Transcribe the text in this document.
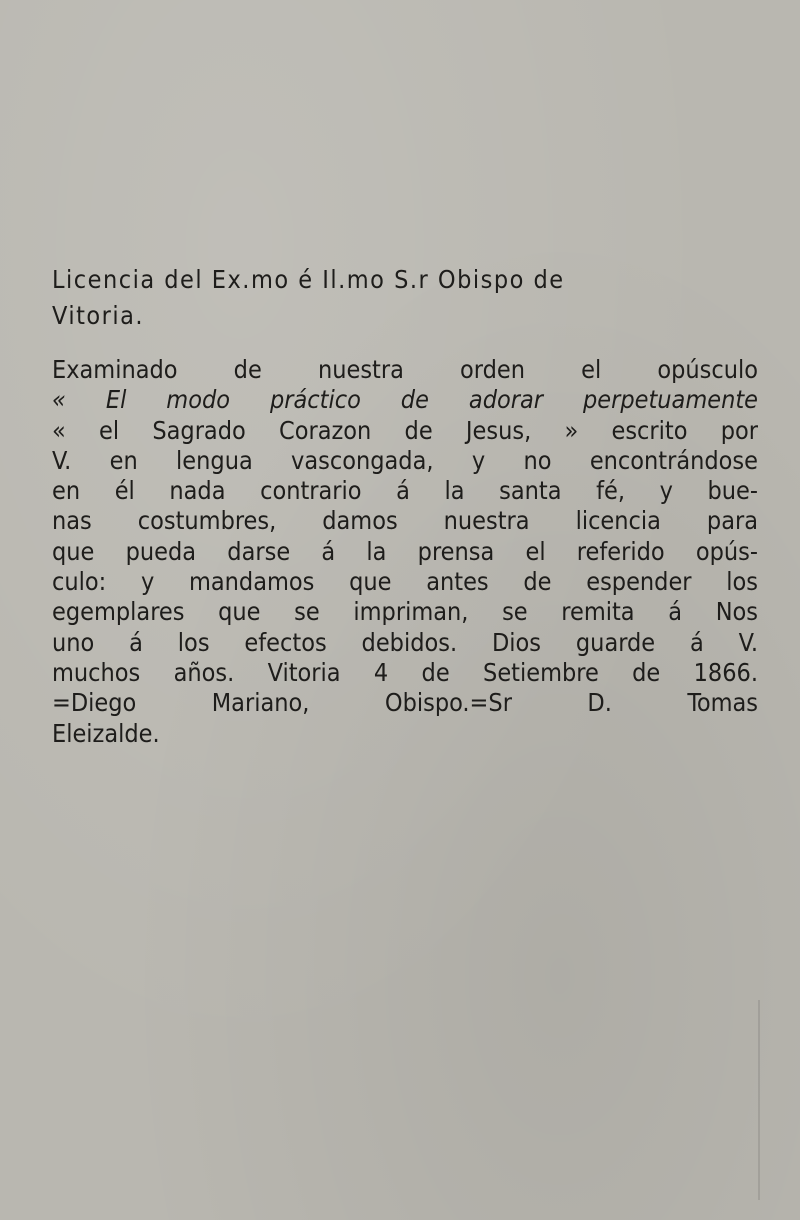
Licencia del Ex.mo é Il.mo S.r Obispo de
Vitoria.
Examinado de nuestra orden el opúsculo
« El modo práctico de adorar perpetuamente
« el Sagrado Corazon de Jesus, » escrito por
V. en lengua vascongada, y no encontrándose
en él nada contrario á la santa fé, y bue-
nas costumbres, damos nuestra licencia para
que pueda darse á la prensa el referido opús-
culo: y mandamos que antes de espender los
egemplares que se impriman, se remita á Nos
uno á los efectos debidos. Dios guarde á V.
muchos años. Vitoria 4 de Setiembre de 1866.
=Diego Mariano, Obispo.=Sr D. Tomas
Eleizalde.
